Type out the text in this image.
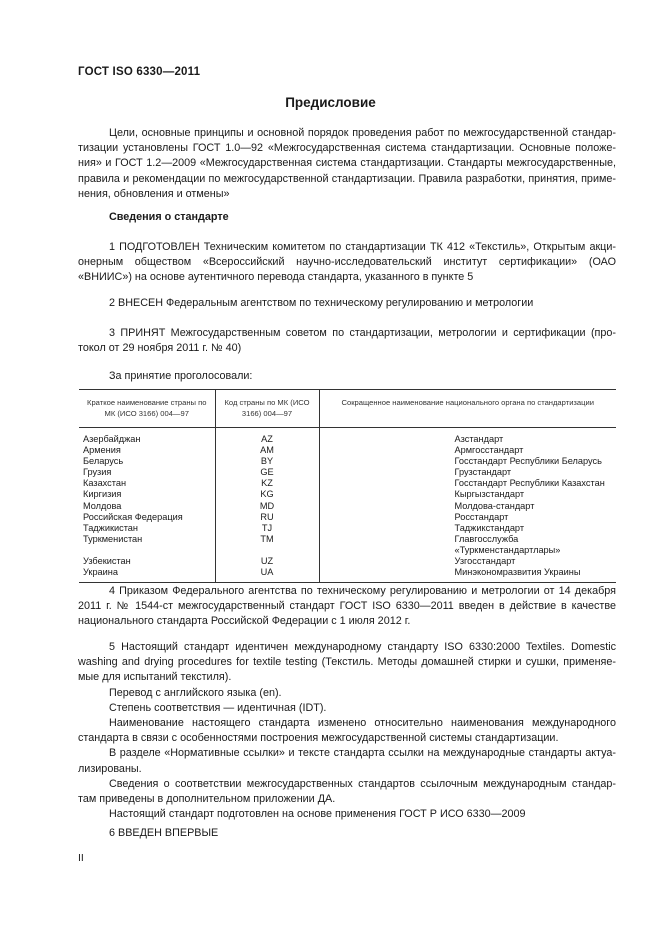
ГОСТ ISO 6330—2011
Предисловие
Цели, основные принципы и основной порядок проведения работ по межгосударственной стандар-
тизации установлены ГОСТ 1.0—92 «Межгосударственная система стандартизации. Основные положе-
ния» и ГОСТ 1.2—2009 «Межгосударственная система стандартизации. Стандарты межгосударственные,
правила и рекомендации по межгосударственной стандартизации. Правила разработки, принятия, приме-
нения, обновления и отмены»
Сведения о стандарте
1 ПОДГОТОВЛЕН Техническим комитетом по стандартизации ТК 412 «Текстиль», Открытым акци-
онерным обществом «Всероссийский научно-исследовательский институт сертификации» (ОАО
«ВНИИС») на основе аутентичного перевода стандарта, указанного в пункте 5
2 ВНЕСЕН Федеральным агентством по техническому регулированию и метрологии
3 ПРИНЯТ Межгосударственным советом по стандартизации, метрологии и сертификации (про-
токол от 29 ноября 2011 г. № 40)
За принятие проголосовали:
Краткое наименование страны по МК (ИСО 3166) 004—97	Код страны по МК (ИСО 3166) 004—97	Сокращенное наименование национального органа по стандартизации
Азербайджан	AZ	Азстандарт
Армения	AM	Армгосстандарт
Беларусь	BY	Госстандарт Республики Беларусь
Грузия	GE	Грузстандарт
Казахстан	KZ	Госстандарт Республики Казахстан
Киргизия	KG	Кыргызстандарт
Молдова	MD	Молдова-стандарт
Российская Федерация	RU	Росстандарт
Таджикистан	TJ	Таджикстандарт
Туркменистан	TM	Главгосслужба «Туркменстандартлары»
Узбекистан	UZ	Узгосстандарт
Украина	UA	Минэкономразвития Украины
4 Приказом Федерального агентства по техническому регулированию и метрологии от 14 декабря
2011 г. № 1544-ст межгосударственный стандарт ГОСТ ISO 6330—2011 введен в действие в качестве
национального стандарта Российской Федерации с 1 июля 2012 г.
5 Настоящий стандарт идентичен международному стандарту ISO 6330:2000 Textiles. Domestic
washing and drying procedures for textile testing (Текстиль. Методы домашней стирки и сушки, применяе-
мые для испытаний текстиля).
Перевод с английского языка (en).
Степень соответствия — идентичная (IDT).
Наименование настоящего стандарта изменено относительно наименования международного
стандарта в связи с особенностями построения межгосударственной системы стандартизации.
В разделе «Нормативные ссылки» и тексте стандарта ссылки на международные стандарты актуа-
лизированы.
Сведения о соответствии межгосударственных стандартов ссылочным международным стандар-
там приведены в дополнительном приложении ДА.
Настоящий стандарт подготовлен на основе применения ГОСТ Р ИСО 6330—2009
6 ВВЕДЕН ВПЕРВЫЕ
II
